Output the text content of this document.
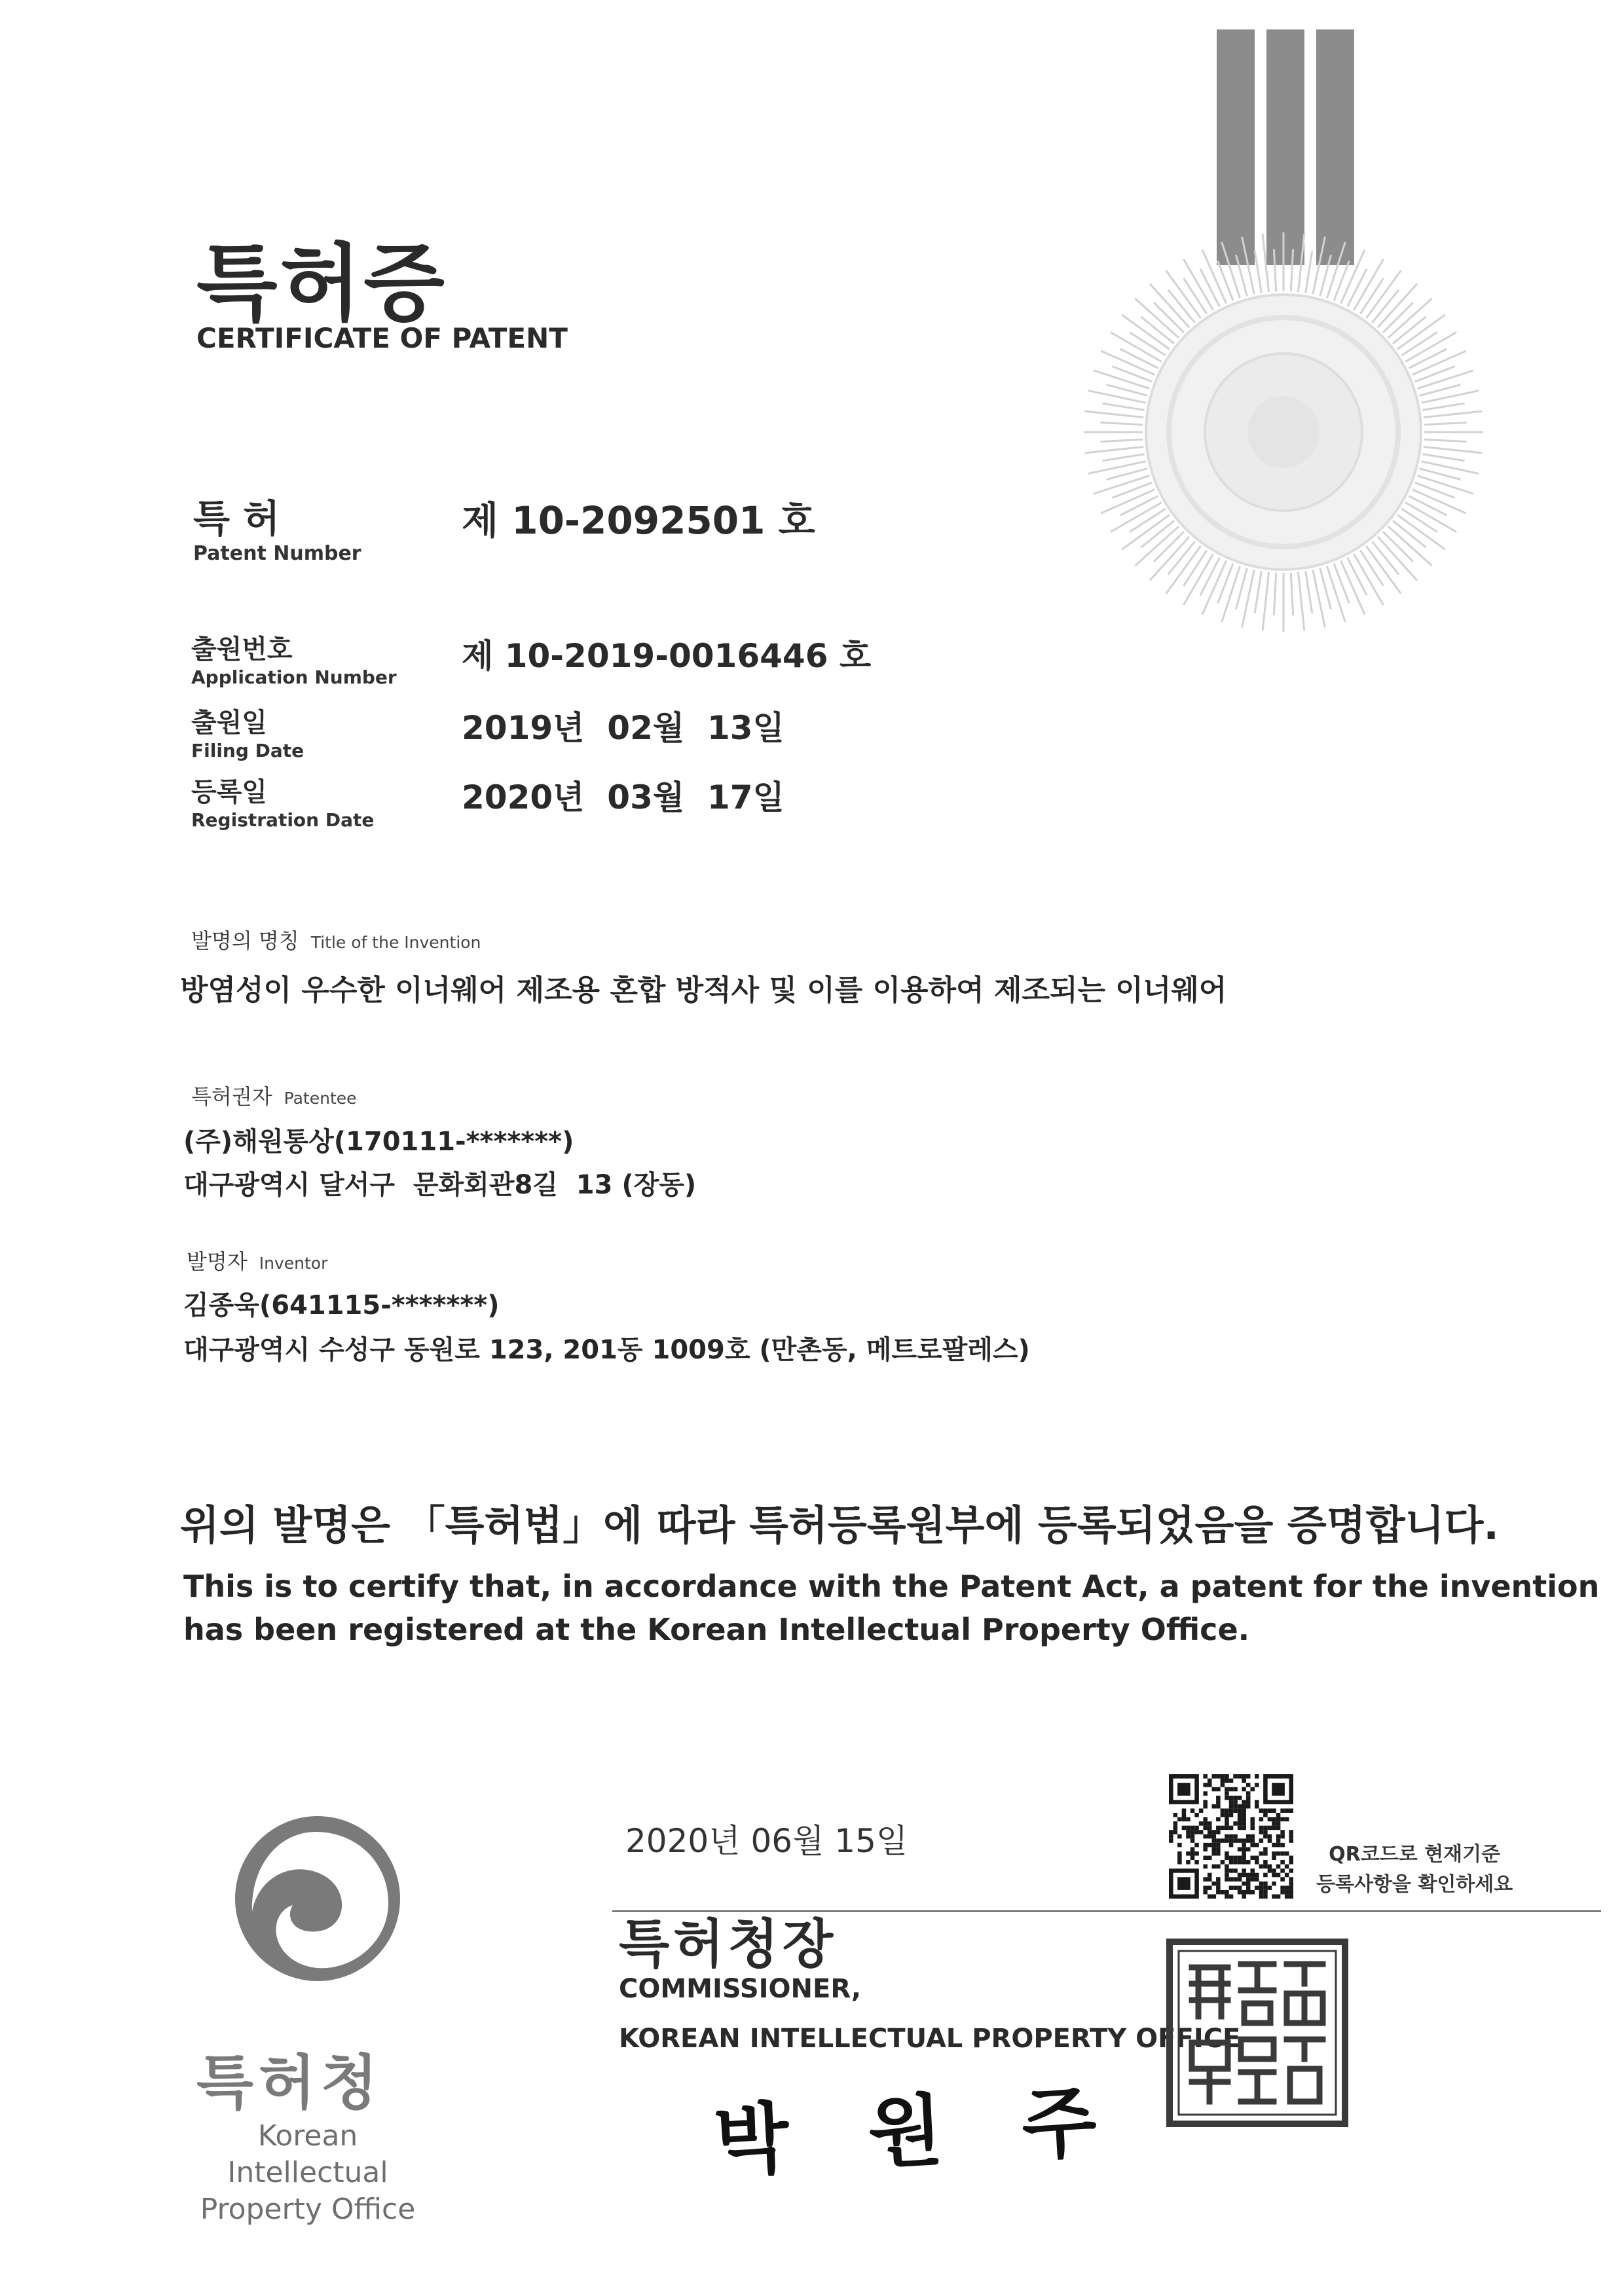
특허증
CERTIFICATE OF PATENT
특 허
Patent Number
제 10-2092501 호
출원번호
Application Number
제 10-2019-0016446 호
출원일
Filing Date
2019년  02월  13일
등록일
Registration Date
2020년  03월  17일
발명의 명칭 Title of the Invention
방염성이 우수한 이너웨어 제조용 혼합 방적사 및 이를 이용하여 제조되는 이너웨어
특허권자 Patentee
(주)해원통상(170111-*******)
대구광역시 달서구  문화회관8길  13 (장동)
발명자 Inventor
김종욱(641115-*******)
대구광역시 수성구 동원로 123, 201동 1009호 (만촌동, 메트로팔레스)
위의 발명은 「특허법」에 따라 특허등록원부에 등록되었음을 증명합니다.
This is to certify that, in accordance with the Patent Act, a patent for the invention
has been registered at the Korean Intellectual Property Office.
2020년 06월 15일	QR코드로 현재기준
등록사항을 확인하세요
특허청장
COMMISSIONER,
KOREAN INTELLECTUAL PROPERTY OFFICE
박 원 주
특허청
Korean Intellectual
Property Office
